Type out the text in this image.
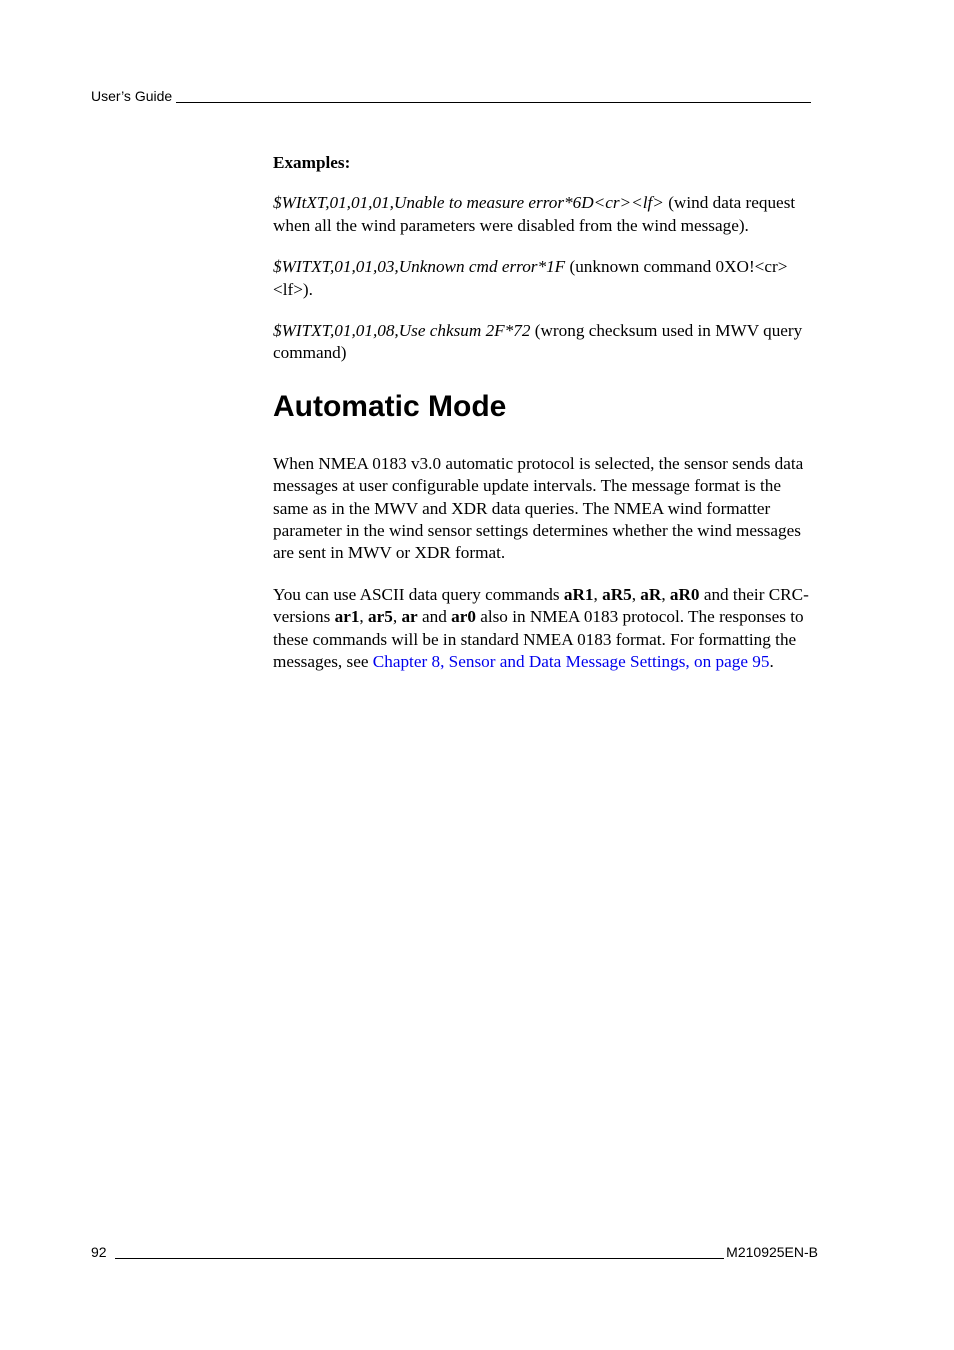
User’s Guide

Examples:

$WItXT,01,01,01,Unable to measure error*6D<cr><lf> (wind data request when all the wind parameters were disabled from the wind message).

$WITXT,01,01,03,Unknown cmd error*1F (unknown command 0XO!<cr><lf>).

$WITXT,01,01,08,Use chksum 2F*72 (wrong checksum used in MWV query command)

Automatic Mode

When NMEA 0183 v3.0 automatic protocol is selected, the sensor sends data messages at user configurable update intervals. The message format is the same as in the MWV and XDR data queries. The NMEA wind formatter parameter in the wind sensor settings determines whether the wind messages are sent in MWV or XDR format.

You can use ASCII data query commands aR1, aR5, aR, aR0 and their CRC-versions ar1, ar5, ar and ar0 also in NMEA 0183 protocol. The responses to these commands will be in standard NMEA 0183 format. For formatting the messages, see Chapter 8, Sensor and Data Message Settings, on page 95.

92	M210925EN-B
